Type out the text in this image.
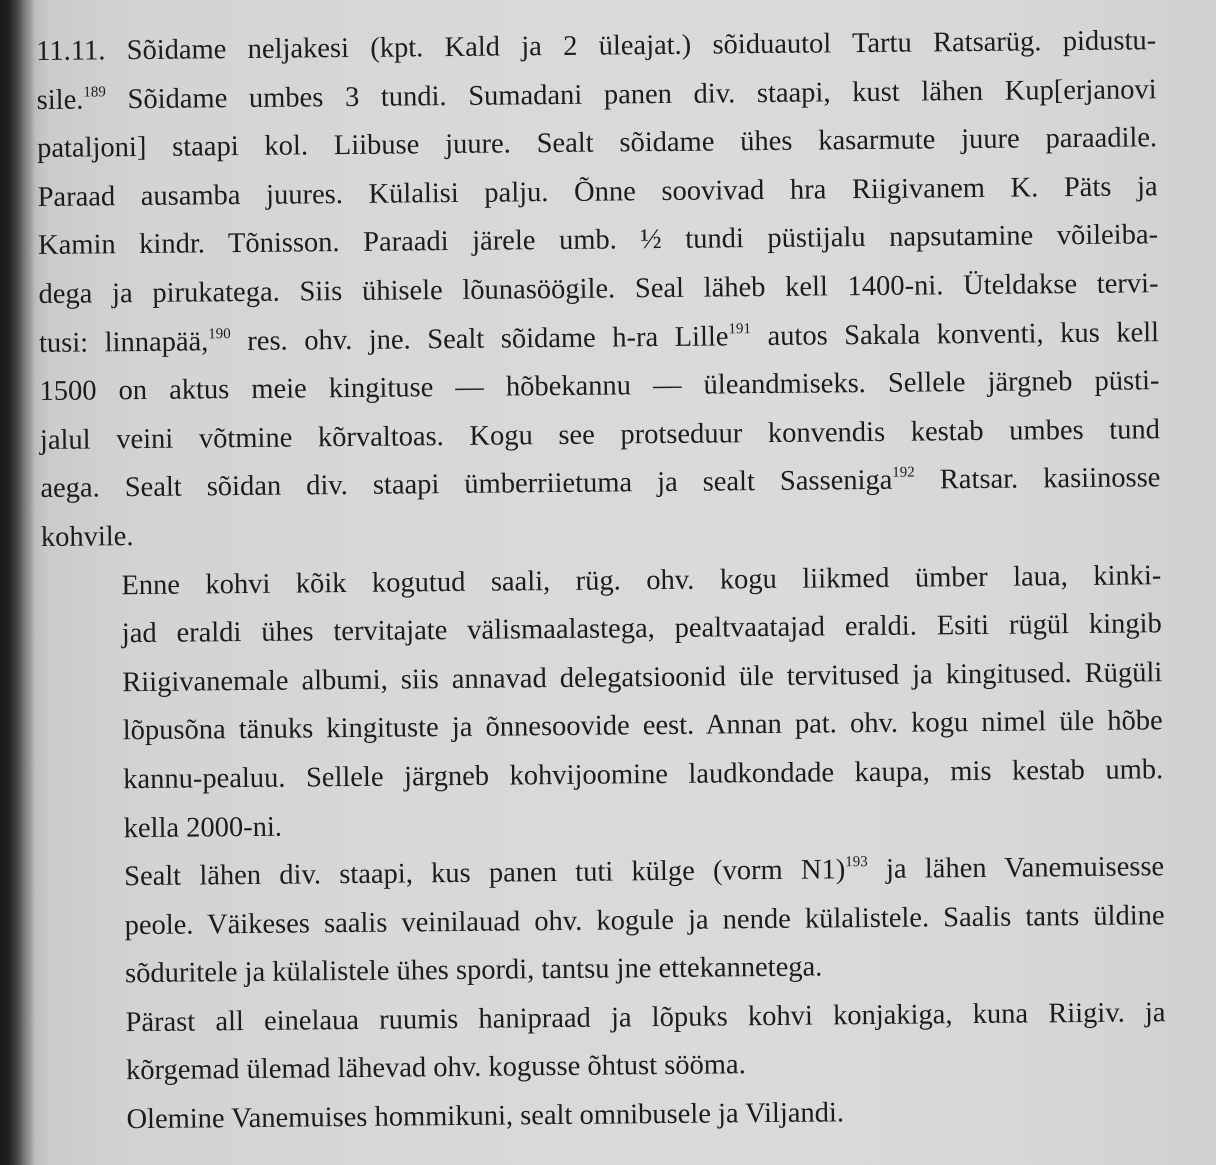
11.11. Sõidame neljakesi (kpt. Kald ja 2 üleajat.) sõiduautol Tartu Ratsarüg. pidustu-
sile.$^{189}$ Sõidame umbes 3 tundi. Sumadani panen div. staapi, kust lähen Kup[erjanovi
pataljoni] staapi kol. Liibuse juure. Sealt sõidame ühes kasarmute juure paraadile.
Paraad ausamba juures. Külalisi palju. Õnne soovivad hra Riigivanem K. Päts ja
Kamin kindr. Tõnisson. Paraadi järele umb. ½ tundi püstijalu napsutamine võileiba-
dega ja pirukatega. Siis ühisele lõunasöögile. Seal läheb kell 1400-ni. Üteldakse tervi-
tusi: linnapää,$^{190}$ res. ohv. jne. Sealt sõidame h-ra Lille$^{191}$ autos Sakala konventi, kus kell
1500 on aktus meie kingituse — hõbekannu — üleandmiseks. Sellele järgneb püsti-
jalul veini võtmine kõrvaltoas. Kogu see protseduur konvendis kestab umbes tund
aega. Sealt sõidan div. staapi ümberriietuma ja sealt Sasseniga$^{192}$ Ratsar. kasiinosse
kohvile.

Enne kohvi kõik kogutud saali, rüg. ohv. kogu liikmed ümber laua, kinki-
jad eraldi ühes tervitajate välismaalastega, pealtvaatajad eraldi. Esiti rügül kingib
Riigivanemale albumi, siis annavad delegatsioonid üle tervitused ja kingitused. Rügüli
lõpusõna tänuks kingituste ja õnnesoovide eest. Annan pat. ohv. kogu nimel üle hõbe
kannu-pealuu. Sellele järgneb kohvijoomine laudkondade kaupa, mis kestab umb.
kella 2000-ni.

Sealt lähen div. staapi, kus panen tuti külge (vorm N1)$^{193}$ ja lähen Vanemuisesse
peole. Väikeses saalis veinilauad ohv. kogule ja nende külalistele. Saalis tants üldine
sõduritele ja külalistele ühes spordi, tantsu jne ettekannetega.

Pärast all einelaua ruumis hanipraad ja lõpuks kohvi konjakiga, kuna Riigiv. ja
kõrgemad ülemad lähevad ohv. kogusse õhtust sööma.

Olemine Vanemuises hommikuni, sealt omnibusele ja Viljandi.
